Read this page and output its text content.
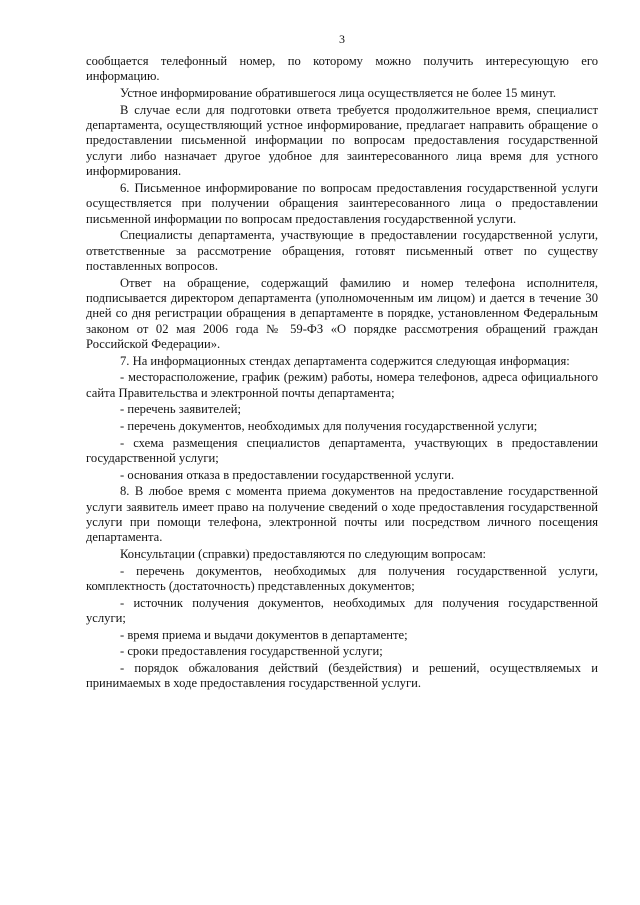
3

сообщается телефонный номер, по которому можно получить интересующую его информацию.

Устное информирование обратившегося лица осуществляется не более 15 минут.

В случае если для подготовки ответа требуется продолжительное время, специалист департамента, осуществляющий устное информирование, предлагает направить обращение о предоставлении письменной информации по вопросам предоставления государственной услуги либо назначает другое удобное для заинтересованного лица время для устного информирования.

6. Письменное информирование по вопросам предоставления государственной услуги осуществляется при получении обращения заинтересованного лица о предоставлении письменной информации по вопросам предоставления государственной услуги.

Специалисты департамента, участвующие в предоставлении государственной услуги, ответственные за рассмотрение обращения, готовят письменный ответ по существу поставленных вопросов.

Ответ на обращение, содержащий фамилию и номер телефона исполнителя, подписывается директором департамента (уполномоченным им лицом) и дается в течение 30 дней со дня регистрации обращения в департаменте в порядке, установленном Федеральным законом от 02 мая 2006 года № 59-ФЗ «О порядке рассмотрения обращений граждан Российской Федерации».

7. На информационных стендах департамента содержится следующая информация:

- месторасположение, график (режим) работы, номера телефонов, адреса официального сайта Правительства и электронной почты департамента;

- перечень заявителей;

- перечень документов, необходимых для получения государственной услуги;

- схема размещения специалистов департамента, участвующих в предоставлении государственной услуги;

- основания отказа в предоставлении государственной услуги.

8. В любое время с момента приема документов на предоставление государственной услуги заявитель имеет право на получение сведений о ходе предоставления государственной услуги при помощи телефона, электронной почты или посредством личного посещения департамента.

Консультации (справки) предоставляются по следующим вопросам:

- перечень документов, необходимых для получения государственной услуги, комплектность (достаточность) представленных документов;

- источник получения документов, необходимых для получения государственной услуги;

- время приема и выдачи документов в департаменте;

- сроки предоставления государственной услуги;

- порядок обжалования действий (бездействия) и решений, осуществляемых и принимаемых в ходе предоставления государственной услуги.
